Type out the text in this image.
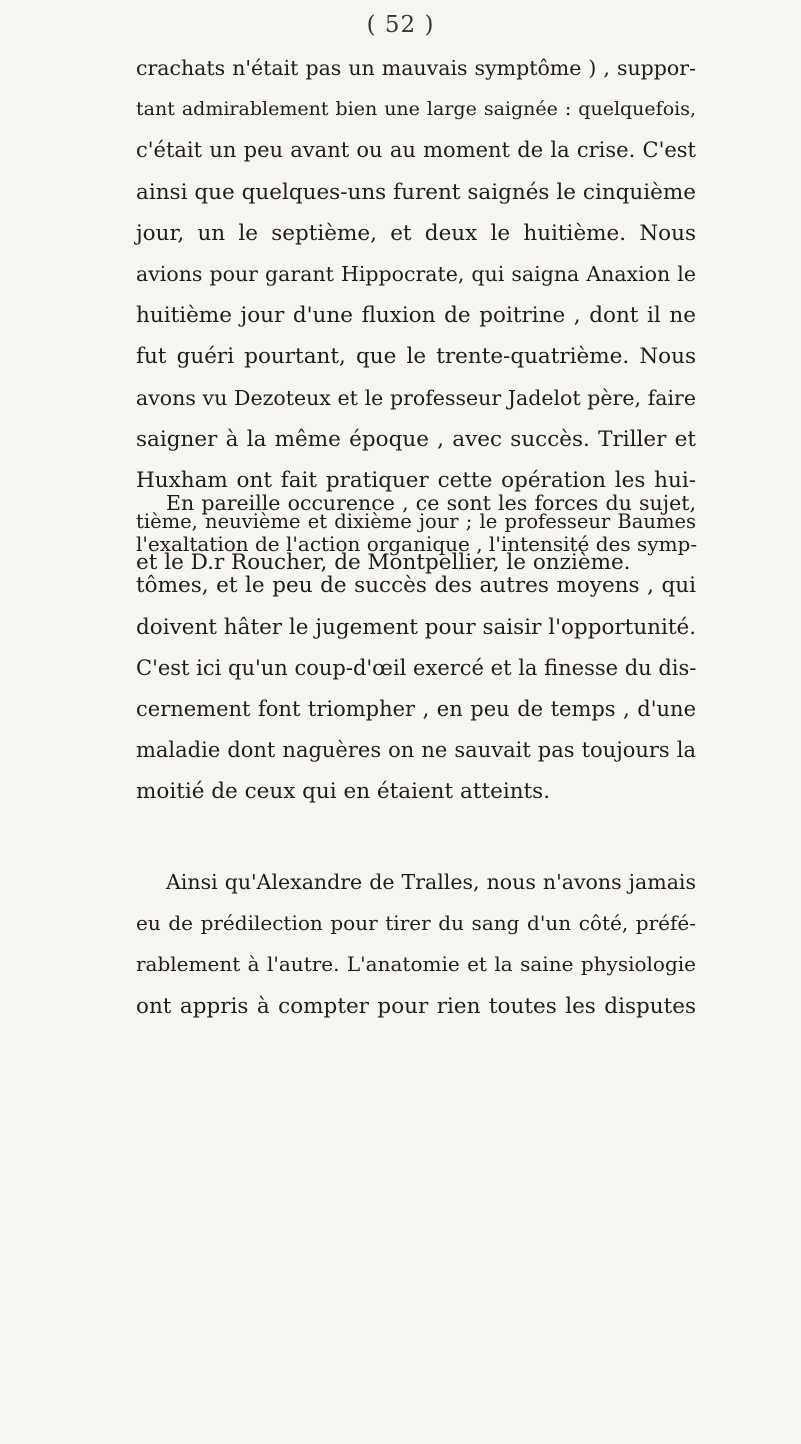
( 52 )
crachats n'était pas un mauvais symptôme ) , suppor-
tant admirablement bien une large saignée : quelquefois,
c'était un peu avant ou au moment de la crise. C'est
ainsi que quelques-uns furent saignés le cinquième
jour, un le septième, et deux le huitième. Nous
avions pour garant Hippocrate, qui saigna Anaxion le
huitième jour d'une fluxion de poitrine , dont il ne
fut guéri pourtant, que le trente-quatrième. Nous
avons vu Dezoteux et le professeur Jadelot père, faire
saigner à la même époque , avec succès. Triller et
Huxham ont fait pratiquer cette opération les hui-
tième, neuvième et dixième jour ; le professeur Baumes
et le D.r Roucher, de Montpellier, le onzième.
En pareille occurence , ce sont les forces du sujet,
l'exaltation de l'action organique , l'intensité des symp-
tômes, et le peu de succès des autres moyens , qui
doivent hâter le jugement pour saisir l'opportunité.
C'est ici qu'un coup-d'œil exercé et la finesse du dis-
cernement font triompher , en peu de temps , d'une
maladie dont naguères on ne sauvait pas toujours la
moitié de ceux qui en étaient atteints.
Ainsi qu'Alexandre de Tralles, nous n'avons jamais
eu de prédilection pour tirer du sang d'un côté, préfé-
rablement à l'autre. L'anatomie et la saine physiologie
ont appris à compter pour rien toutes les disputes
